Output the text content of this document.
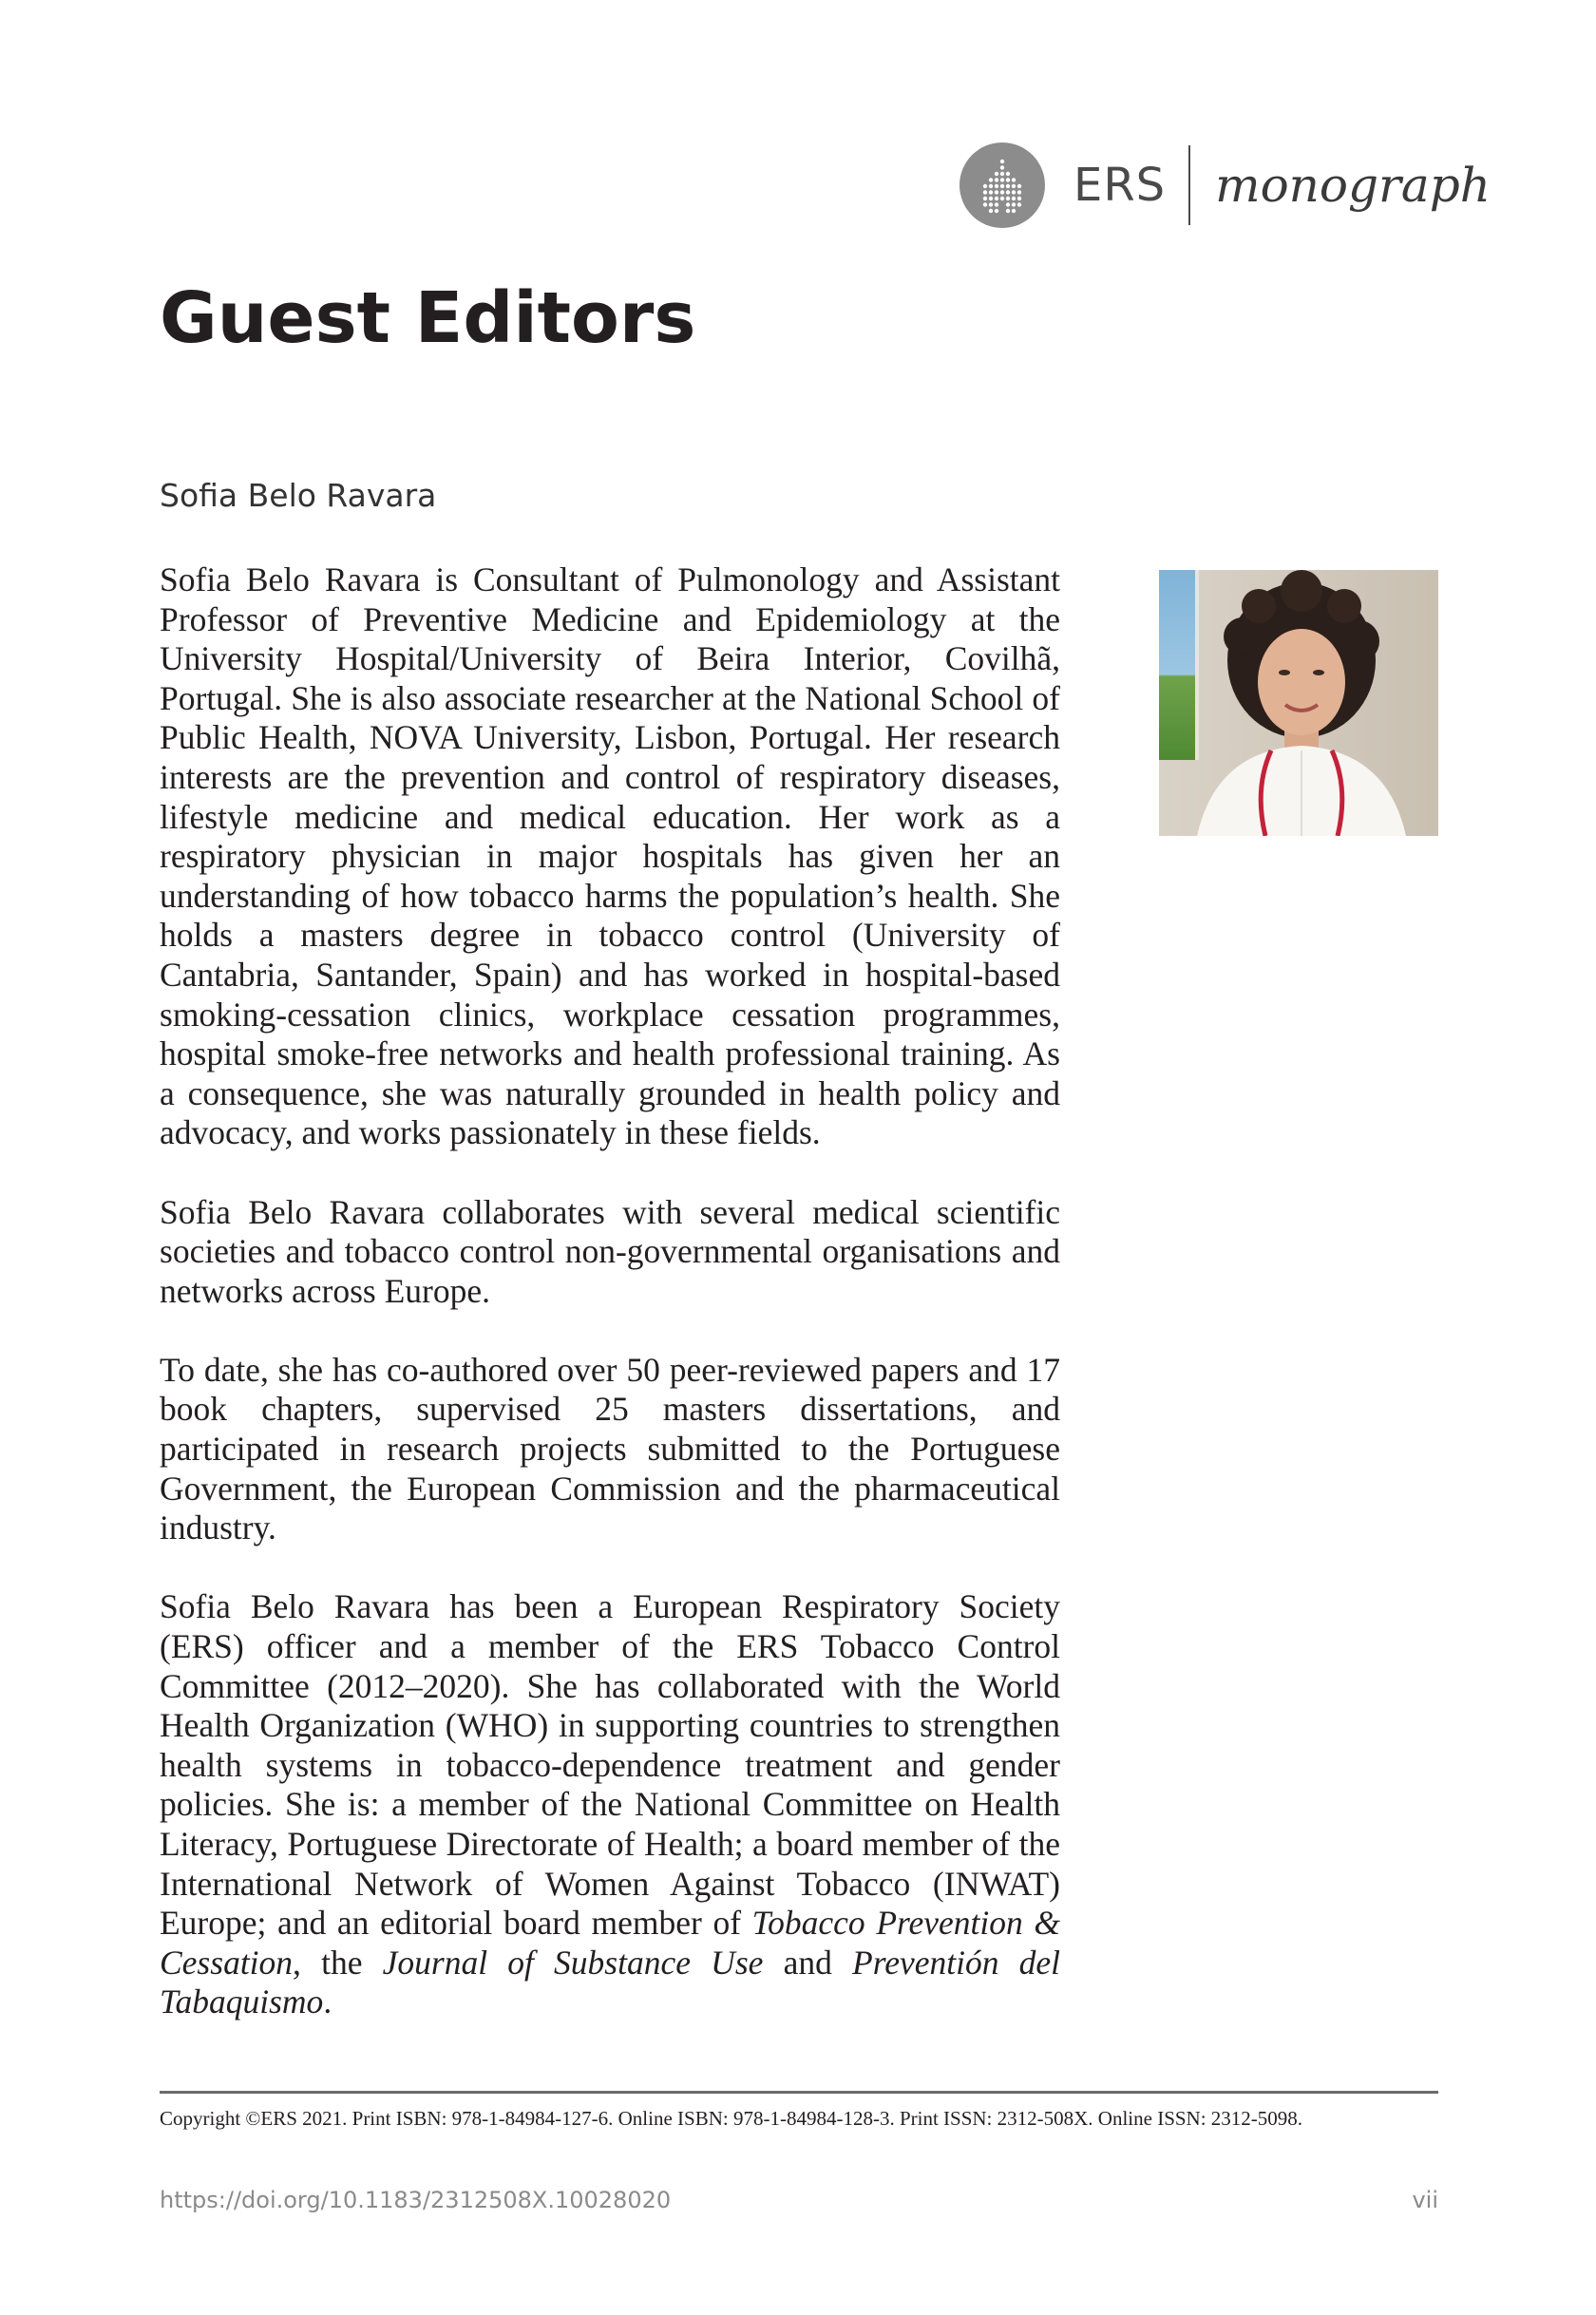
ERS monograph
Guest Editors
Sofia Belo Ravara

Sofia Belo Ravara is Consultant of Pulmonology and Assistant Professor of Preventive Medicine and Epidemiology at the University Hospital/University of Beira Interior, Covilhã, Portugal. She is also associate researcher at the National School of Public Health, NOVA University, Lisbon, Portugal. Her research interests are the prevention and control of respiratory diseases, lifestyle medicine and medical education. Her work as a respiratory physician in major hospitals has given her an understanding of how tobacco harms the population’s health. She holds a masters degree in tobacco control (University of Cantabria, Santander, Spain) and has worked in hospital-based smoking-cessation clinics, workplace cessation programmes, hospital smoke-free networks and health professional training. As a consequence, she was naturally grounded in health policy and advocacy, and works passionately in these fields.

Sofia Belo Ravara collaborates with several medical scientific societies and tobacco control non-governmental organisations and networks across Europe.

To date, she has co-authored over 50 peer-reviewed papers and 17 book chapters, supervised 25 masters dissertations, and participated in research projects submitted to the Portuguese Government, the European Commission and the pharmaceutical industry.

Sofia Belo Ravara has been a European Respiratory Society (ERS) officer and a member of the ERS Tobacco Control Committee (2012–2020). She has collaborated with the World Health Organization (WHO) in supporting countries to strengthen health systems in tobacco-dependence treatment and gender policies. She is: a member of the National Committee on Health Literacy, Portuguese Directorate of Health; a board member of the International Network of Women Against Tobacco (INWAT) Europe; and an editorial board member of Tobacco Prevention & Cessation, the Journal of Substance Use and Preventión del Tabaquismo.

Copyright ©ERS 2021. Print ISBN: 978-1-84984-127-6. Online ISBN: 978-1-84984-128-3. Print ISSN: 2312-508X. Online ISSN: 2312-5098.
https://doi.org/10.1183/2312508X.10028020	vii
